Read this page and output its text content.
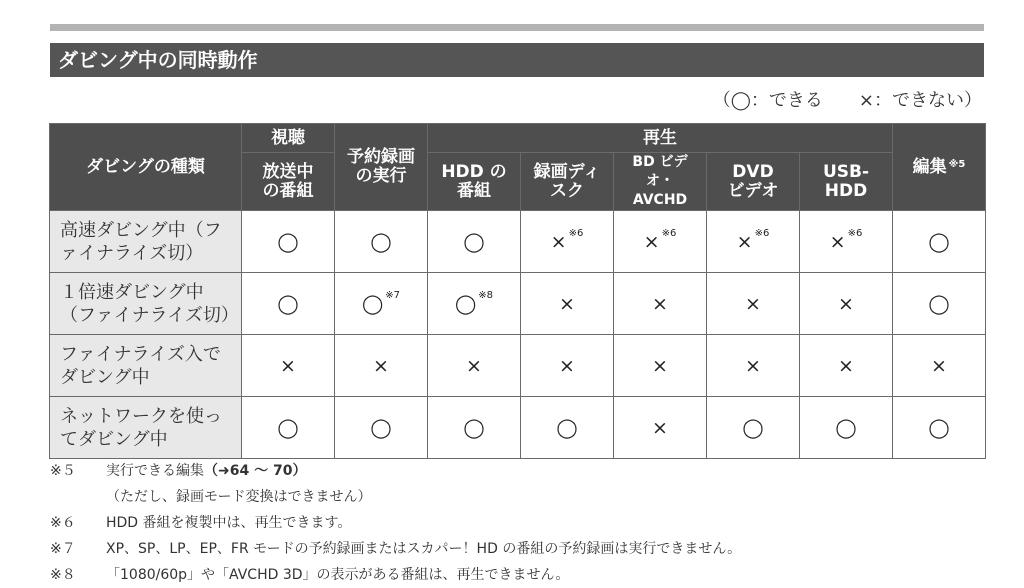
ダビング中の同時動作
（◯：できる　　×：できない）
ダビングの種類	視聴	予約録画の実行	再生					編集 $^{※5}$
	放送中の番組		HDD の番組	録画ディスク	BD ビデオ・AVCHD	DVD ビデオ	USB-HDD	
高速ダビング中（ファイナライズ切）	◯	◯	◯	× $^{※6}$	× $^{※6}$	× $^{※6}$	× $^{※6}$	◯
１倍速ダビング中（ファイナライズ切）	◯	◯ $^{※7}$	◯ $^{※8}$	×	×	×	×	◯
ファイナライズ入でダビング中	×	×	×	×	×	×	×	×
ネットワークを使ってダビング中	◯	◯	◯	◯	×	◯	◯	◯
※５ 実行できる編集（➜64 ～ 70）
（ただし、録画モード変換はできません）
※６ HDD 番組を複製中は、再生できます。
※７ XP、SP、LP、EP、FR モードの予約録画またはスカパー！HD の番組の予約録画は実行できません。
※８ 「1080/60p」や「AVCHD 3D」の表示がある番組は、再生できません。
